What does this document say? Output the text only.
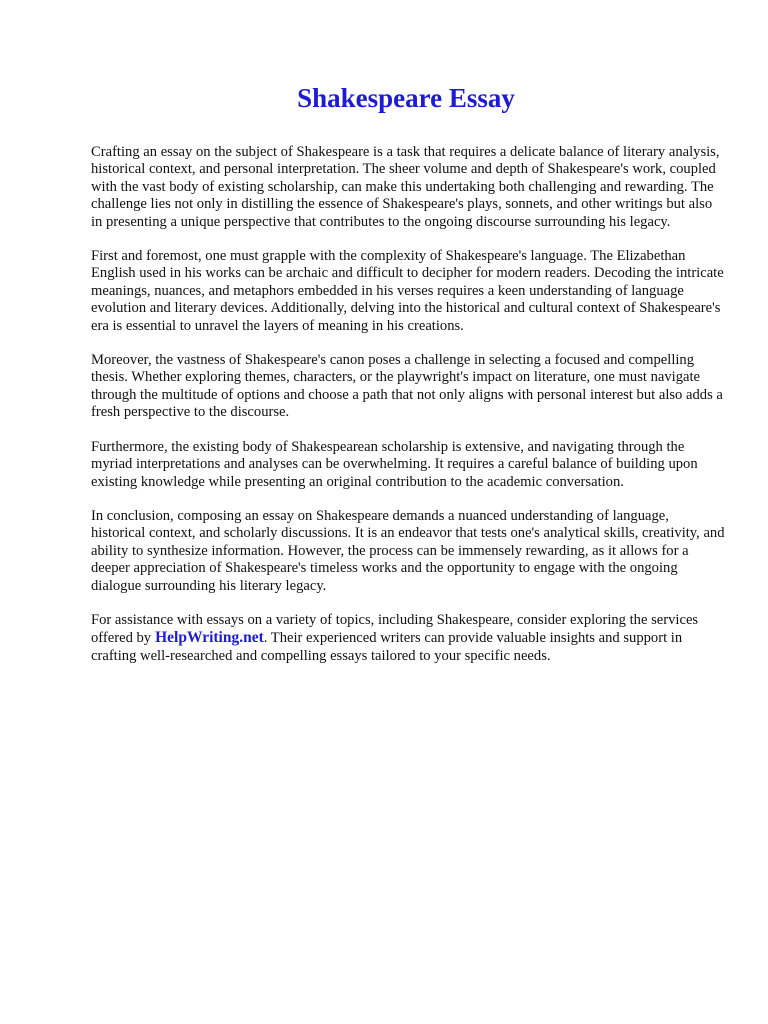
Shakespeare Essay

Crafting an essay on the subject of Shakespeare is a task that requires a delicate balance of literary analysis, historical context, and personal interpretation. The sheer volume and depth of Shakespeare's work, coupled with the vast body of existing scholarship, can make this undertaking both challenging and rewarding. The challenge lies not only in distilling the essence of Shakespeare's plays, sonnets, and other writings but also in presenting a unique perspective that contributes to the ongoing discourse surrounding his legacy.

First and foremost, one must grapple with the complexity of Shakespeare's language. The Elizabethan English used in his works can be archaic and difficult to decipher for modern readers. Decoding the intricate meanings, nuances, and metaphors embedded in his verses requires a keen understanding of language evolution and literary devices. Additionally, delving into the historical and cultural context of Shakespeare's era is essential to unravel the layers of meaning in his creations.

Moreover, the vastness of Shakespeare's canon poses a challenge in selecting a focused and compelling thesis. Whether exploring themes, characters, or the playwright's impact on literature, one must navigate through the multitude of options and choose a path that not only aligns with personal interest but also adds a fresh perspective to the discourse.

Furthermore, the existing body of Shakespearean scholarship is extensive, and navigating through the myriad interpretations and analyses can be overwhelming. It requires a careful balance of building upon existing knowledge while presenting an original contribution to the academic conversation.

In conclusion, composing an essay on Shakespeare demands a nuanced understanding of language, historical context, and scholarly discussions. It is an endeavor that tests one's analytical skills, creativity, and ability to synthesize information. However, the process can be immensely rewarding, as it allows for a deeper appreciation of Shakespeare's timeless works and the opportunity to engage with the ongoing dialogue surrounding his literary legacy.

For assistance with essays on a variety of topics, including Shakespeare, consider exploring the services offered by HelpWriting.net. Their experienced writers can provide valuable insights and support in crafting well-researched and compelling essays tailored to your specific needs.
